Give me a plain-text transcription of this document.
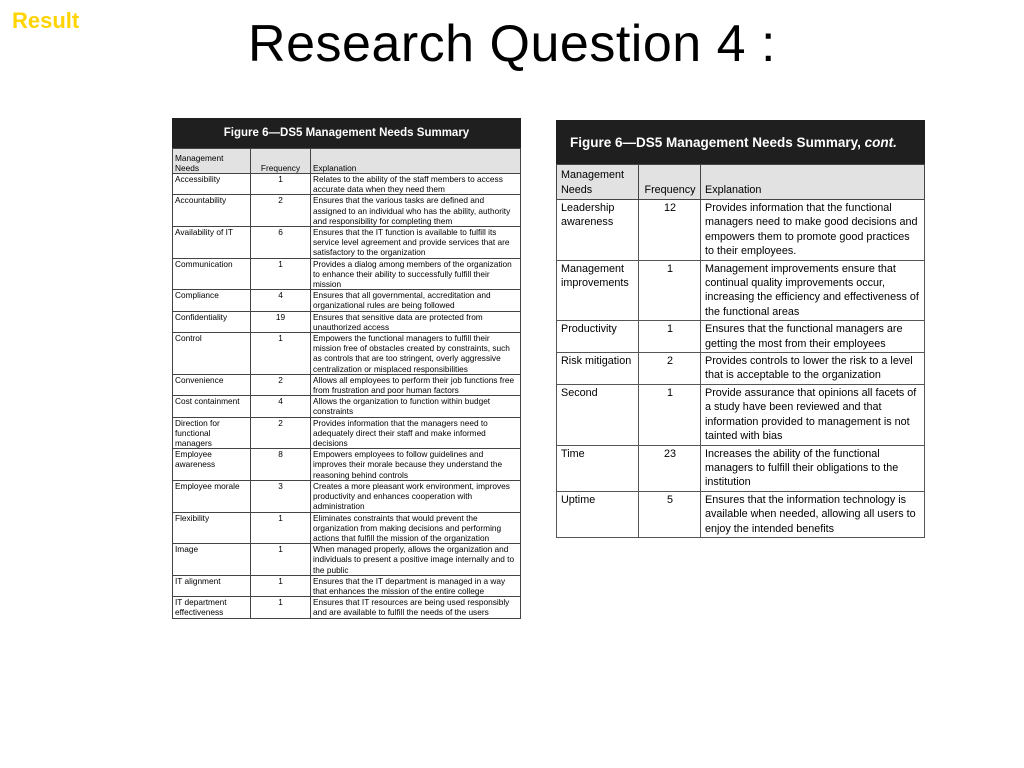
Result	Research Question 4 :
Figure 6—DS5 Management Needs Summary
Management Needs	Frequency	Explanation
Accessibility	1	Relates to the ability of the staff members to access accurate data when they need them
Accountability	2	Ensures that the various tasks are defined and assigned to an individual who has the ability, authority and responsibility for completing them
Availability of IT	6	Ensures that the IT function is available to fulfill its service level agreement and provide services that are satisfactory to the organization
Communication	1	Provides a dialog among members of the organization to enhance their ability to successfully fulfill their mission
Compliance	4	Ensures that all governmental, accreditation and organizational rules are being followed
Confidentiality	19	Ensures that sensitive data are protected from unauthorized access
Control	1	Empowers the functional managers to fulfill their mission free of obstacles created by constraints, such as controls that are too stringent, overly aggressive centralization or misplaced responsibilities
Convenience	2	Allows all employees to perform their job functions free from frustration and poor human factors
Cost containment	4	Allows the organization to function within budget constraints
Direction for functional managers	2	Provides information that the managers need to adequately direct their staff and make informed decisions
Employee awareness	8	Empowers employees to follow guidelines and improves their morale because they understand the reasoning behind controls
Employee morale	3	Creates a more pleasant work environment, improves productivity and enhances cooperation with administration
Flexibility	1	Eliminates constraints that would prevent the organization from making decisions and performing actions that fulfill the mission of the organization
Image	1	When managed properly, allows the organization and individuals to present a positive image internally and to the public
IT alignment	1	Ensures that the IT department is managed in a way that enhances the mission of the entire college
IT department effectiveness	1	Ensures that IT resources are being used responsibly and are available to fulfill the needs of the users
Figure 6—DS5 Management Needs Summary, cont.
Management Needs	Frequency	Explanation
Leadership awareness	12	Provides information that the functional managers need to make good decisions and empowers them to promote good practices to their employees.
Management improvements	1	Management improvements ensure that continual quality improvements occur, increasing the efficiency and effectiveness of the functional areas
Productivity	1	Ensures that the functional managers are getting the most from their employees
Risk mitigation	2	Provides controls to lower the risk to a level that is acceptable to the organization
Second	1	Provide assurance that opinions all facets of a study have been reviewed and that information provided to management is not tainted with bias
Time	23	Increases the ability of the functional managers to fulfill their obligations to the institution
Uptime	5	Ensures that the information technology is available when needed, allowing all users to enjoy the intended benefits
